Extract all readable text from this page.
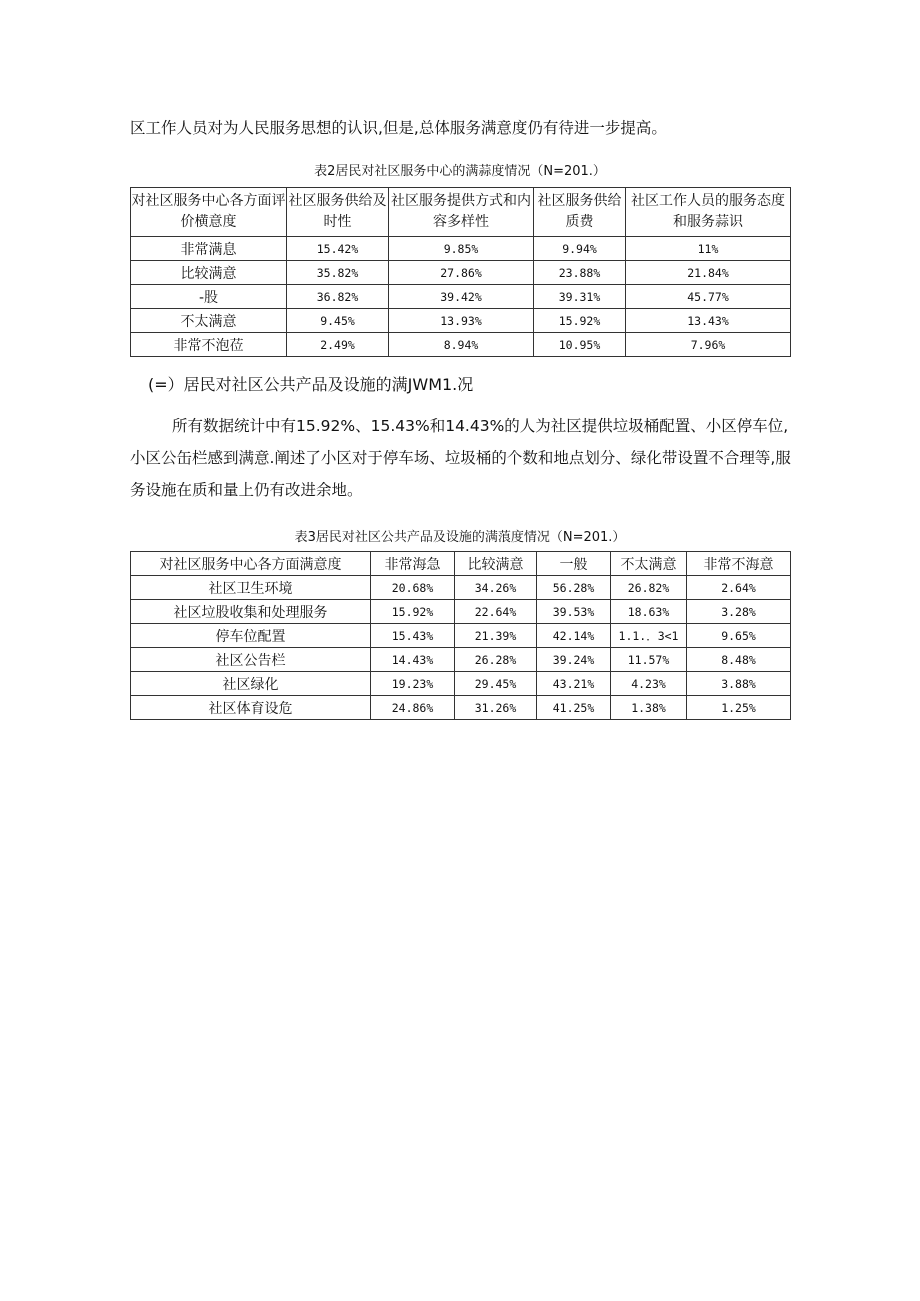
区工作人员对为人民服务思想的认识,但是,总体服务满意度仍有待进一步提高。

表2居民对社区服务中心的满蒜度情况（N=201.）

对社区服务中心各方面评价横意度	社区服务供给及时性	社区服务提供方式和内容多样性	社区服务供给质费	社区工作人员的服务态度和服务蒜识
非常满息	15.42%	9.85%	9.94%	11%
比较满意	35.82%	27.86%	23.88%	21.84%
-股	36.82%	39.42%	39.31%	45.77%
不太满意	9.45%	13.93%	15.92%	13.43%
非常不泡莅	2.49%	8.94%	10.95%	7.96%

(=）居民对社区公共产品及设施的满JWM1.况

所有数据统计中有15.92%、15.43%和14.43%的人为社区提供垃圾桶配置、小区停车位,小区公缶栏感到满意.阐述了小区对于停车场、垃圾桶的个数和地点划分、绿化带设置不合理等,服务设施在质和量上仍有改进余地。

表3居民对社区公共产品及设施的满蒗度情况（N=201.）

对社区服务中心各方面满意度	非常海急	比较满意	一般	不太满意	非常不海意
社区卫生环境	20.68%	34.26%	56.28%	26.82%	2.64%
社区垃股收集和处理服务	15.92%	22.64%	39.53%	18.63%	3.28%
停车位配置	15.43%	21.39%	42.14%	1.1.．3<1	9.65%
社区公告栏	14.43%	26.28%	39.24%	11.57%	8.48%
社区绿化	19.23%	29.45%	43.21%	4.23%	3.88%
社区体育设危	24.86%	31.26%	41.25%	1.38%	1.25%
